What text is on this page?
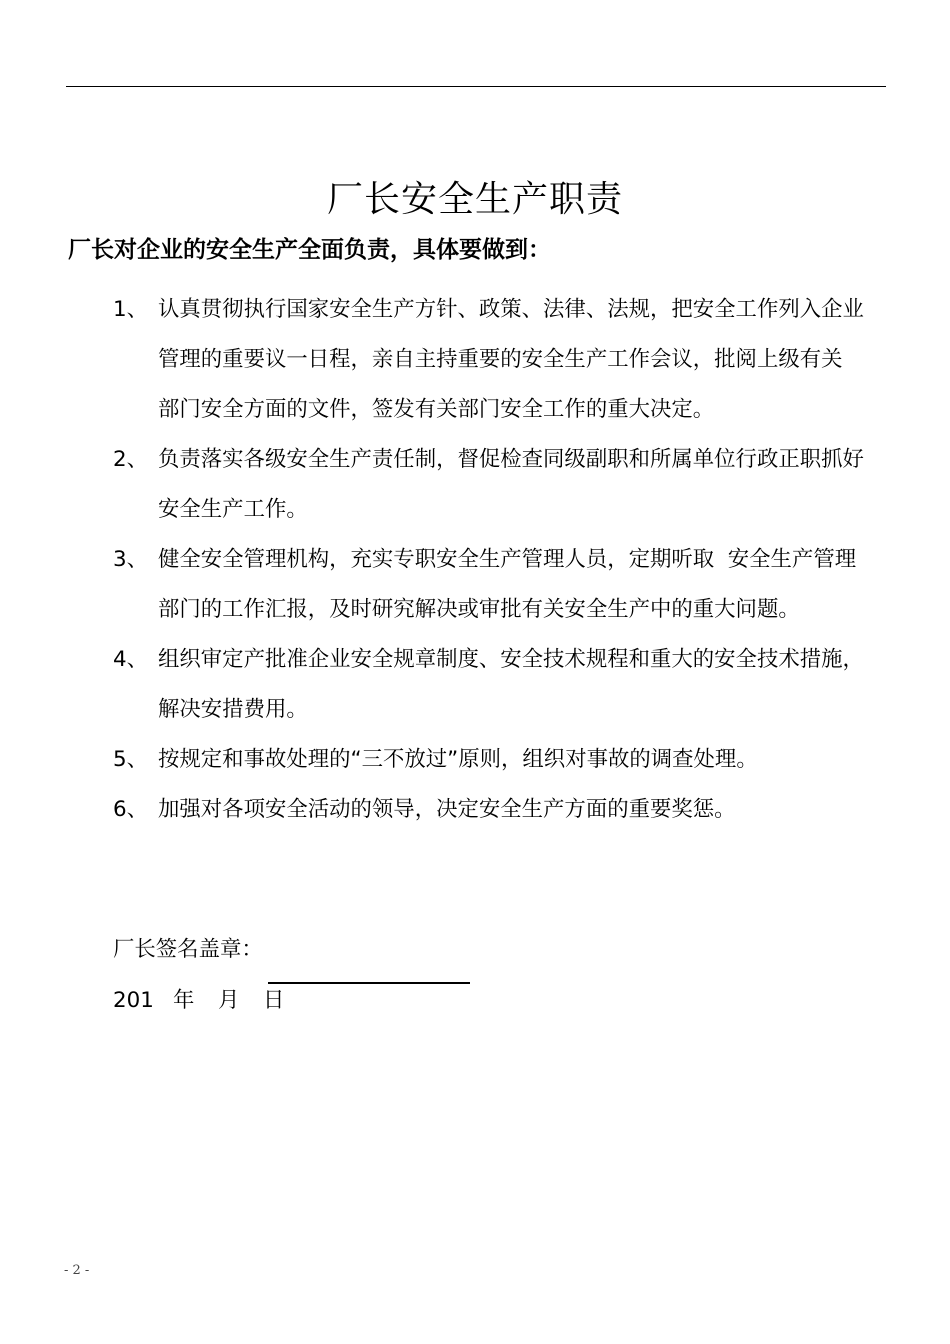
厂长安全生产职责
厂长对企业的安全生产全面负责，具体要做到：
1、 认真贯彻执行国家安全生产方针、政策、法律、法规，把安全工作列入企业
管理的重要议一日程，亲自主持重要的安全生产工作会议，批阅上级有关
部门安全方面的文件，签发有关部门安全工作的重大决定。
2、 负责落实各级安全生产责任制，督促检查同级副职和所属单位行政正职抓好
安全生产工作。
3、 健全安全管理机构，充实专职安全生产管理人员，定期听取  安全生产管理
部门的工作汇报，及时研究解决或审批有关安全生产中的重大问题。
4、 组织审定产批准企业安全规章制度、安全技术规程和重大的安全技术措施，
解决安措费用。
5、 按规定和事故处理的“三不放过”原则，组织对事故的调查处理。
6、 加强对各项安全活动的领导，决定安全生产方面的重要奖惩。
厂长签名盖章：
201 年 月 日
- 2 -
